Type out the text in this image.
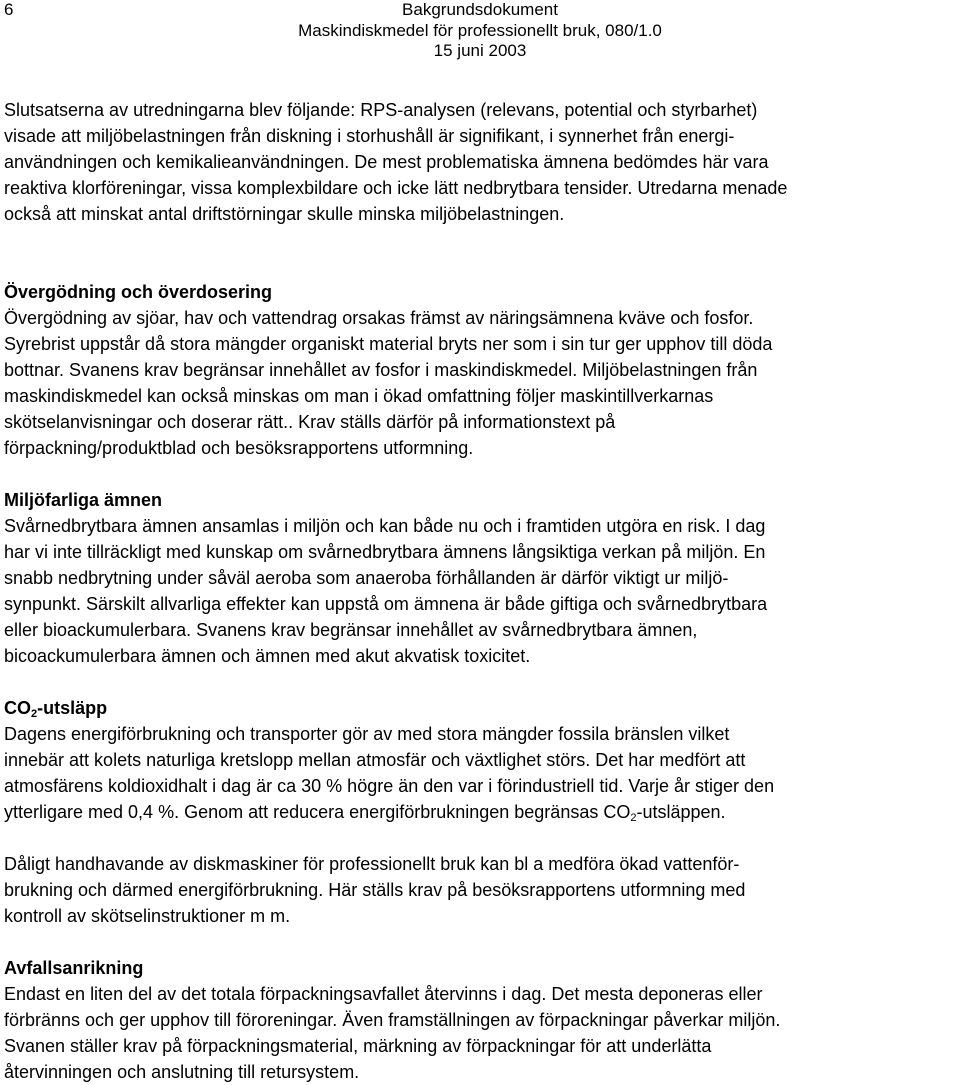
6	Bakgrundsdokument
Maskindiskmedel för professionellt bruk, 080/1.0
15 juni 2003

Slutsatserna av utredningarna blev följande: RPS-analysen (relevans, potential och styrbarhet)
visade att miljöbelastningen från diskning i storhushåll är signifikant, i synnerhet från energi-
användningen och kemikalieanvändningen. De mest problematiska ämnena bedömdes här vara
reaktiva klorföreningar, vissa komplexbildare och icke lätt nedbrytbara tensider. Utredarna menade
också att minskat antal driftstörningar skulle minska miljöbelastningen.

Övergödning och överdosering

Övergödning av sjöar, hav och vattendrag orsakas främst av näringsämnena kväve och fosfor.
Syrebrist uppstår då stora mängder organiskt material bryts ner som i sin tur ger upphov till döda
bottnar. Svanens krav begränsar innehållet av fosfor i maskindiskmedel. Miljöbelastningen från
maskindiskmedel kan också minskas om man i ökad omfattning följer maskintillverkarnas
skötselanvisningar och doserar rätt.. Krav ställs därför på informationstext på
förpackning/produktblad och besöksrapportens utformning.

Miljöfarliga ämnen

Svårnedbrytbara ämnen ansamlas i miljön och kan både nu och i framtiden utgöra en risk. I dag
har vi inte tillräckligt med kunskap om svårnedbrytbara ämnens långsiktiga verkan på miljön. En
snabb nedbrytning under såväl aeroba som anaeroba förhållanden är därför viktigt ur miljö-
synpunkt. Särskilt allvarliga effekter kan uppstå om ämnena är både giftiga och svårnedbrytbara
eller bioackumulerbara. Svanens krav begränsar innehållet av svårnedbrytbara ämnen,
bicoackumulerbara ämnen och ämnen med akut akvatisk toxicitet.

$CO_2$-utsläpp

Dagens energiförbrukning och transporter gör av med stora mängder fossila bränslen vilket
innebär att kolets naturliga kretslopp mellan atmosfär och växtlighet störs. Det har medfört att
atmosfärens koldioxidhalt i dag är ca 30 % högre än den var i förindustriell tid. Varje år stiger den
ytterligare med 0,4 %. Genom att reducera energiförbrukningen begränsas $CO_2$-utsläppen.

Dåligt handhavande av diskmaskiner för professionellt bruk kan bl a medföra ökad vattenför-
brukning och därmed energiförbrukning. Här ställs krav på besöksrapportens utformning med
kontroll av skötselinstruktioner m m.

Avfallsanrikning

Endast en liten del av det totala förpackningsavfallet återvinns i dag. Det mesta deponeras eller
förbränns och ger upphov till föroreningar. Även framställningen av förpackningar påverkar miljön.
Svanen ställer krav på förpackningsmaterial, märkning av förpackningar för att underlätta
återvinningen och anslutning till retursystem.
